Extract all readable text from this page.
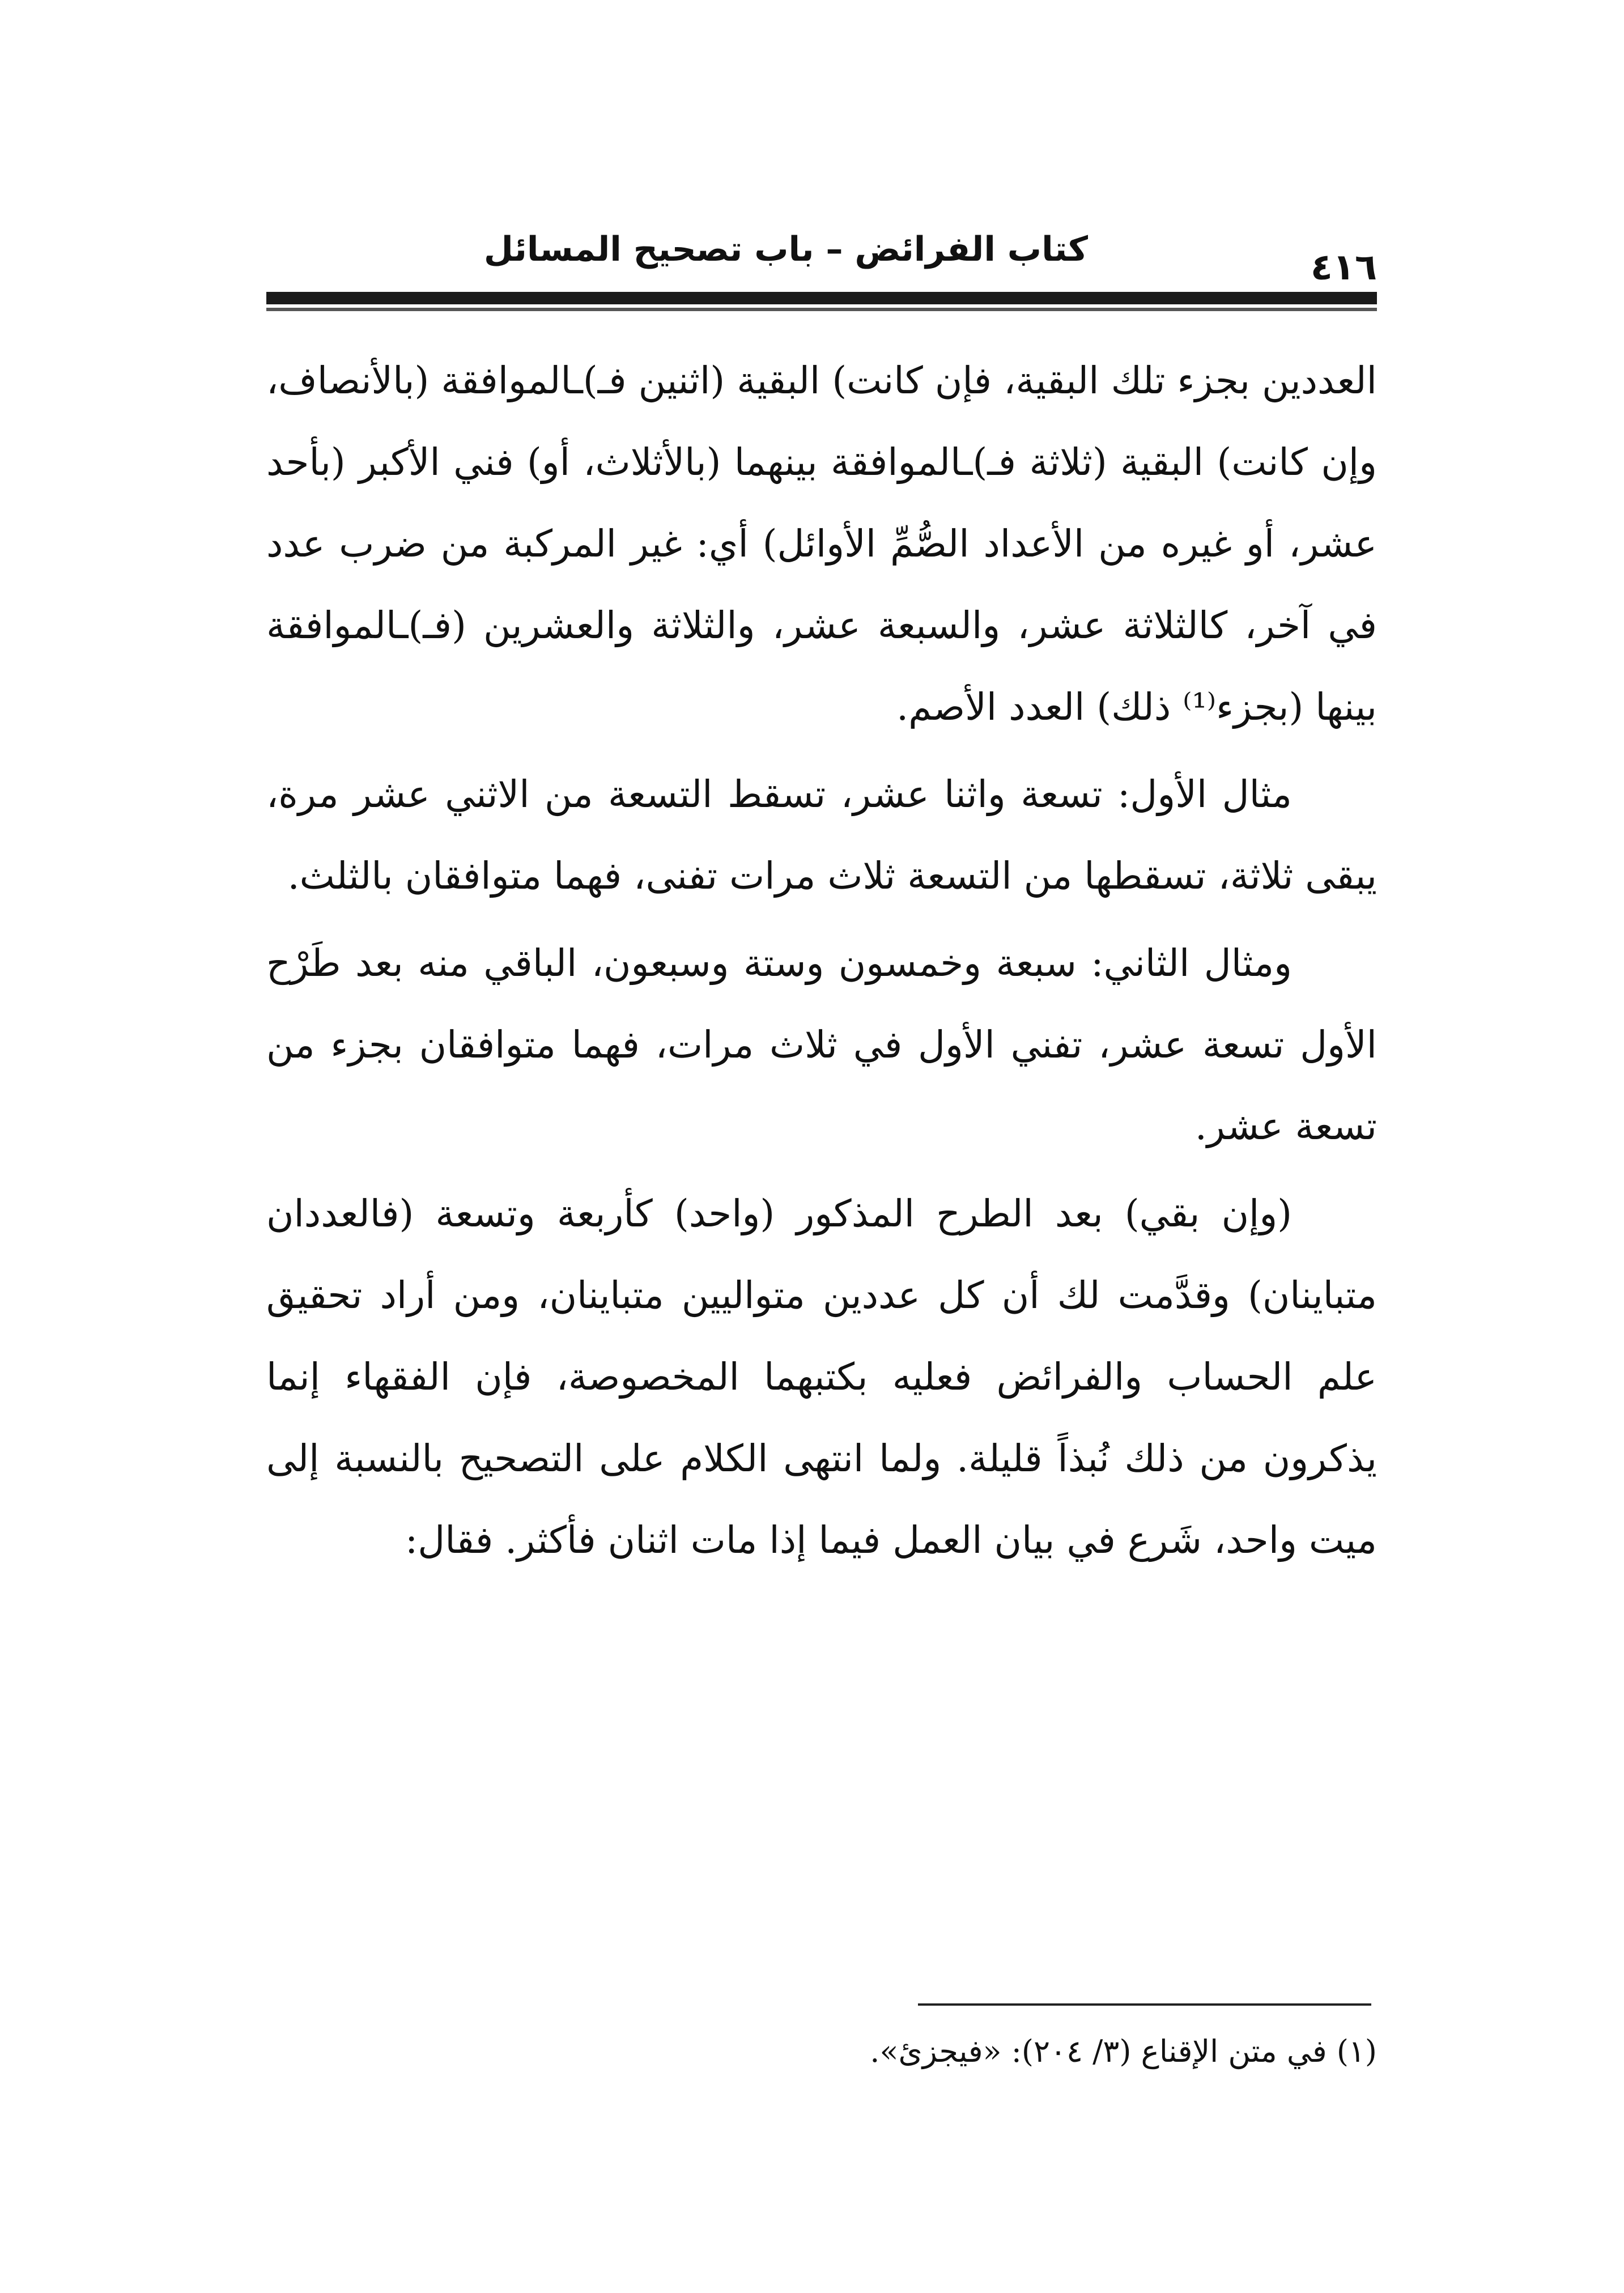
كتاب الفرائض – باب تصحيح المسائل	٤١٦

العددين بجزء تلك البقية، فإن كانت) البقية (اثنين فـ)ـالموافقة (بالأنصاف، وإن كانت) البقية (ثلاثة فـ)ـالموافقة بينهما (بالأثلاث، أو) فني الأكبر (بأحد عشر، أو غيره من الأعداد الصُّمِّ الأوائل) أي: غير المركبة من ضرب عدد في آخر، كالثلاثة عشر، والسبعة عشر، والثلاثة والعشرين (فـ)ـالموافقة بينها (بجزء⁽¹⁾ ذلك) العدد الأصم.

مثال الأول: تسعة واثنا عشر، تسقط التسعة من الاثني عشر مرة، يبقى ثلاثة، تسقطها من التسعة ثلاث مرات تفنى، فهما متوافقان بالثلث.

ومثال الثاني: سبعة وخمسون وستة وسبعون، الباقي منه بعد طَرْح الأول تسعة عشر، تفني الأول في ثلاث مرات، فهما متوافقان بجزء من تسعة عشر.

(وإن بقي) بعد الطرح المذكور (واحد) كأربعة وتسعة (فالعددان متباينان) وقدَّمت لك أن كل عددين متواليين متباينان، ومن أراد تحقيق علم الحساب والفرائض فعليه بكتبهما المخصوصة، فإن الفقهاء إنما يذكرون من ذلك نُبذاً قليلة. ولما انتهى الكلام على التصحيح بالنسبة إلى ميت واحد، شَرع في بيان العمل فيما إذا مات اثنان فأكثر. فقال:

(١) في متن الإقناع (٣/ ٢٠٤): «فيجزئ».
